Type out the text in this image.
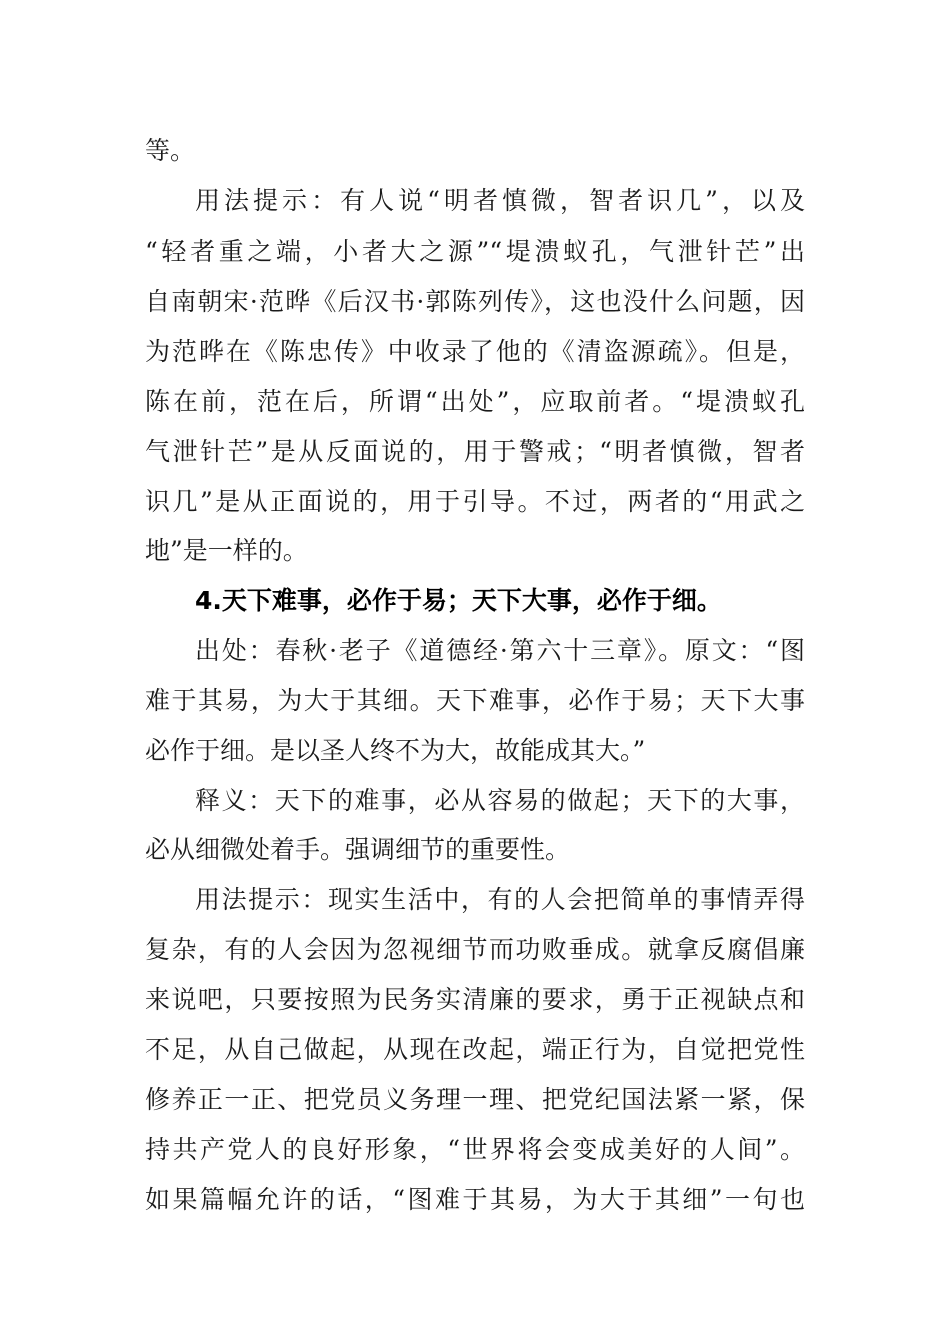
等。

用法提示：有人说“明者慎微，智者识几”，以及

“轻者重之端，小者大之源”“堤溃蚁孔，气泄针芒”出

自南朝宋·范晔《后汉书·郭陈列传》，这也没什么问题，因

为范晔在《陈忠传》中收录了他的《清盗源疏》。但是，

陈在前，范在后，所谓“出处”，应取前者。“堤溃蚁孔

气泄针芒”是从反面说的，用于警戒；“明者慎微，智者

识几”是从正面说的，用于引导。不过，两者的“用武之

地”是一样的。

4.天下难事，必作于易；天下大事，必作于细。

出处：春秋·老子《道德经·第六十三章》。原文：“图

难于其易，为大于其细。天下难事，必作于易；天下大事

必作于细。是以圣人终不为大，故能成其大。”

释义：天下的难事，必从容易的做起；天下的大事，

必从细微处着手。强调细节的重要性。

用法提示：现实生活中，有的人会把简单的事情弄得

复杂，有的人会因为忽视细节而功败垂成。就拿反腐倡廉

来说吧，只要按照为民务实清廉的要求，勇于正视缺点和

不足，从自己做起，从现在改起，端正行为，自觉把党性

修养正一正、把党员义务理一理、把党纪国法紧一紧，保

持共产党人的良好形象，“世界将会变成美好的人间”。

如果篇幅允许的话，“图难于其易，为大于其细”一句也
